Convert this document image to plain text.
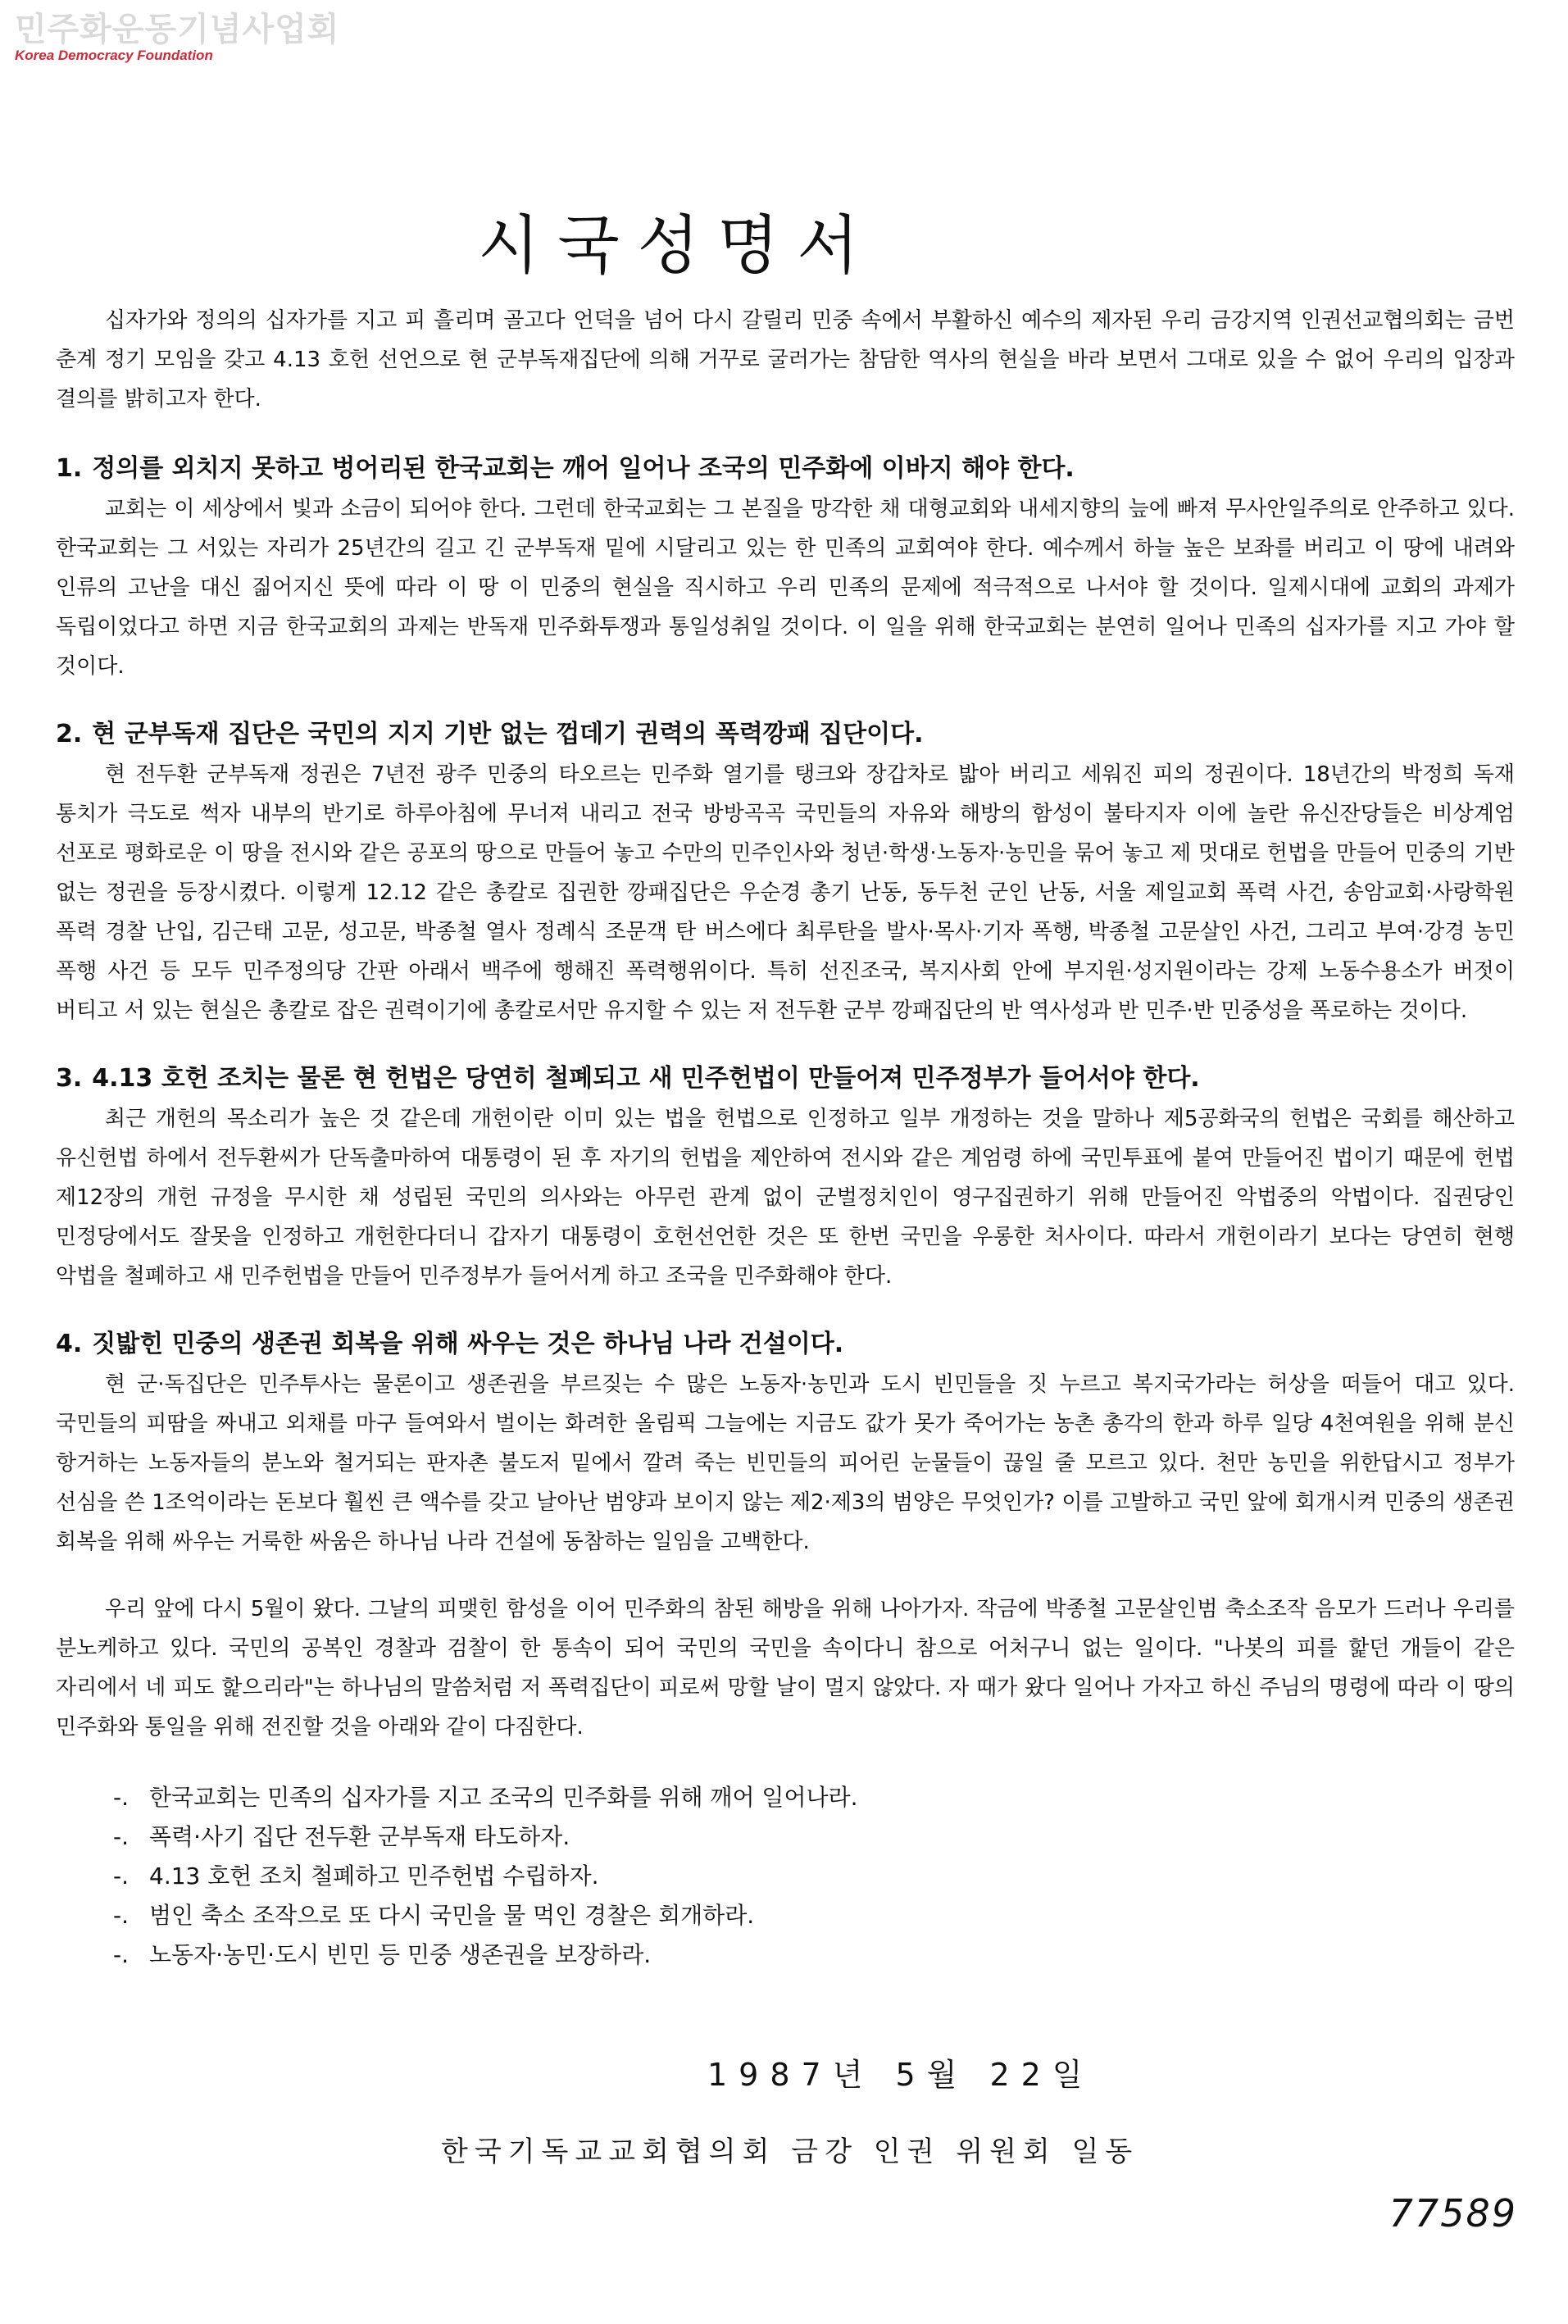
민주화운동기념사업회
Korea Democracy Foundation
시국성명서

십자가와 정의의 십자가를 지고 피 흘리며 골고다 언덕을 넘어 다시 갈릴리 민중 속에서 부활하신 예수의 제자된 우리 금강지역 인권선교협의회는 금번 춘계 정기 모임을 갖고 4.13 호헌 선언으로 현 군부독재집단에 의해 거꾸로 굴러가는 참담한 역사의 현실을 바라 보면서 그대로 있을 수 없어 우리의 입장과 결의를 밝히고자 한다.

1. 정의를 외치지 못하고 벙어리된 한국교회는 깨어 일어나 조국의 민주화에 이바지 해야 한다.

교회는 이 세상에서 빛과 소금이 되어야 한다. 그런데 한국교회는 그 본질을 망각한 채 대형교회와 내세지향의 늪에 빠져 무사안일주의로 안주하고 있다. 한국교회는 그 서있는 자리가 25년간의 길고 긴 군부독재 밑에 시달리고 있는 한 민족의 교회여야 한다. 예수께서 하늘 높은 보좌를 버리고 이 땅에 내려와 인류의 고난을 대신 짊어지신 뜻에 따라 이 땅 이 민중의 현실을 직시하고 우리 민족의 문제에 적극적으로 나서야 할 것이다. 일제시대에 교회의 과제가 독립이었다고 하면 지금 한국교회의 과제는 반독재 민주화투쟁과 통일성취일 것이다. 이 일을 위해 한국교회는 분연히 일어나 민족의 십자가를 지고 가야 할 것이다.

2. 현 군부독재 집단은 국민의 지지 기반 없는 껍데기 권력의 폭력깡패 집단이다.

현 전두환 군부독재 정권은 7년전 광주 민중의 타오르는 민주화 열기를 탱크와 장갑차로 밟아 버리고 세워진 피의 정권이다. 18년간의 박정희 독재 통치가 극도로 썩자 내부의 반기로 하루아침에 무너져 내리고 전국 방방곡곡 국민들의 자유와 해방의 함성이 불타지자 이에 놀란 유신잔당들은 비상계엄 선포로 평화로운 이 땅을 전시와 같은 공포의 땅으로 만들어 놓고 수만의 민주인사와 청년·학생·노동자·농민을 묶어 놓고 제 멋대로 헌법을 만들어 민중의 기반 없는 정권을 등장시켰다. 이렇게 12.12 같은 총칼로 집권한 깡패집단은 우순경 총기 난동, 동두천 군인 난동, 서울 제일교회 폭력 사건, 송암교회·사랑학원 폭력 경찰 난입, 김근태 고문, 성고문, 박종철 열사 정례식 조문객 탄 버스에다 최루탄을 발사·목사·기자 폭행, 박종철 고문살인 사건, 그리고 부여·강경 농민 폭행 사건 등 모두 민주정의당 간판 아래서 백주에 행해진 폭력행위이다. 특히 선진조국, 복지사회 안에 부지원·성지원이라는 강제 노동수용소가 버젓이 버티고 서 있는 현실은 총칼로 잡은 권력이기에 총칼로서만 유지할 수 있는 저 전두환 군부 깡패집단의 반 역사성과 반 민주·반 민중성을 폭로하는 것이다.

3. 4.13 호헌 조치는 물론 현 헌법은 당연히 철폐되고 새 민주헌법이 만들어져 민주정부가 들어서야 한다.

최근 개헌의 목소리가 높은 것 같은데 개헌이란 이미 있는 법을 헌법으로 인정하고 일부 개정하는 것을 말하나 제5공화국의 헌법은 국회를 해산하고 유신헌법 하에서 전두환씨가 단독출마하여 대통령이 된 후 자기의 헌법을 제안하여 전시와 같은 계엄령 하에 국민투표에 붙여 만들어진 법이기 때문에 헌법 제12장의 개헌 규정을 무시한 채 성립된 국민의 의사와는 아무런 관계 없이 군벌정치인이 영구집권하기 위해 만들어진 악법중의 악법이다. 집권당인 민정당에서도 잘못을 인정하고 개헌한다더니 갑자기 대통령이 호헌선언한 것은 또 한번 국민을 우롱한 처사이다. 따라서 개헌이라기 보다는 당연히 현행 악법을 철폐하고 새 민주헌법을 만들어 민주정부가 들어서게 하고 조국을 민주화해야 한다.

4. 짓밟힌 민중의 생존권 회복을 위해 싸우는 것은 하나님 나라 건설이다.

현 군·독집단은 민주투사는 물론이고 생존권을 부르짖는 수 많은 노동자·농민과 도시 빈민들을 짓 누르고 복지국가라는 허상을 떠들어 대고 있다. 국민들의 피땀을 짜내고 외채를 마구 들여와서 벌이는 화려한 올림픽 그늘에는 지금도 값가 못가 죽어가는 농촌 총각의 한과 하루 일당 4천여원을 위해 분신 항거하는 노동자들의 분노와 철거되는 판자촌 불도저 밑에서 깔려 죽는 빈민들의 피어린 눈물들이 끊일 줄 모르고 있다. 천만 농민을 위한답시고 정부가 선심을 쓴 1조억이라는 돈보다 훨씬 큰 액수를 갖고 날아난 범양과 보이지 않는 제2·제3의 범양은 무엇인가? 이를 고발하고 국민 앞에 회개시켜 민중의 생존권 회복을 위해 싸우는 거룩한 싸움은 하나님 나라 건설에 동참하는 일임을 고백한다.

우리 앞에 다시 5월이 왔다. 그날의 피맺힌 함성을 이어 민주화의 참된 해방을 위해 나아가자. 작금에 박종철 고문살인범 축소조작 음모가 드러나 우리를 분노케하고 있다. 국민의 공복인 경찰과 검찰이 한 통속이 되어 국민의 국민을 속이다니 참으로 어처구니 없는 일이다. "나봇의 피를 핥던 개들이 같은 자리에서 네 피도 핥으리라"는 하나님의 말씀처럼 저 폭력집단이 피로써 망할 날이 멀지 않았다. 자 때가 왔다 일어나 가자고 하신 주님의 명령에 따라 이 땅의 민주화와 통일을 위해 전진할 것을 아래와 같이 다짐한다.

-. 한국교회는 민족의 십자가를 지고 조국의 민주화를 위해 깨어 일어나라.
-. 폭력·사기 집단 전두환 군부독재 타도하자.
-. 4.13 호헌 조치 철폐하고 민주헌법 수립하자.
-. 범인 축소 조작으로 또 다시 국민을 물 먹인 경찰은 회개하라.
-. 노동자·농민·도시 빈민 등 민중 생존권을 보장하라.
1987년 5월 22일
한국기독교교회협의회 금강 인권 위원회 일동
77589
